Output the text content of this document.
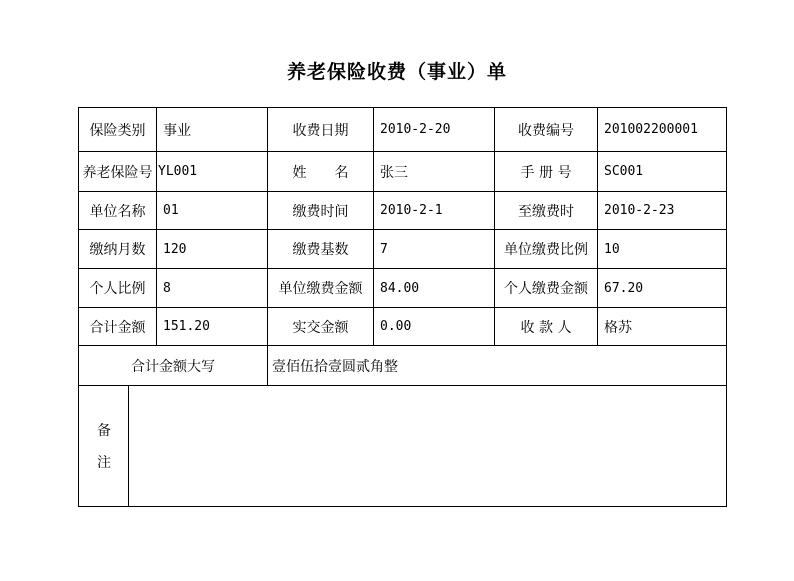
养老保险收费（事业）单
保险类别	事业	收费日期	2010-2-20	收费编号	201002200001
养老保险号 YL001	姓　　名	张三	手 册 号	SC001
单位名称	01	缴费时间	2010-2-1	至缴费时	2010-2-23
缴纳月数	120	缴费基数	7	单位缴费比例	10
个人比例	8	单位缴费金额	84.00	个人缴费金额	67.20
合计金额	151.20	实交金额	0.00	收 款 人	格苏
合计金额大写	壹佰伍拾壹圆贰角整
备
注
